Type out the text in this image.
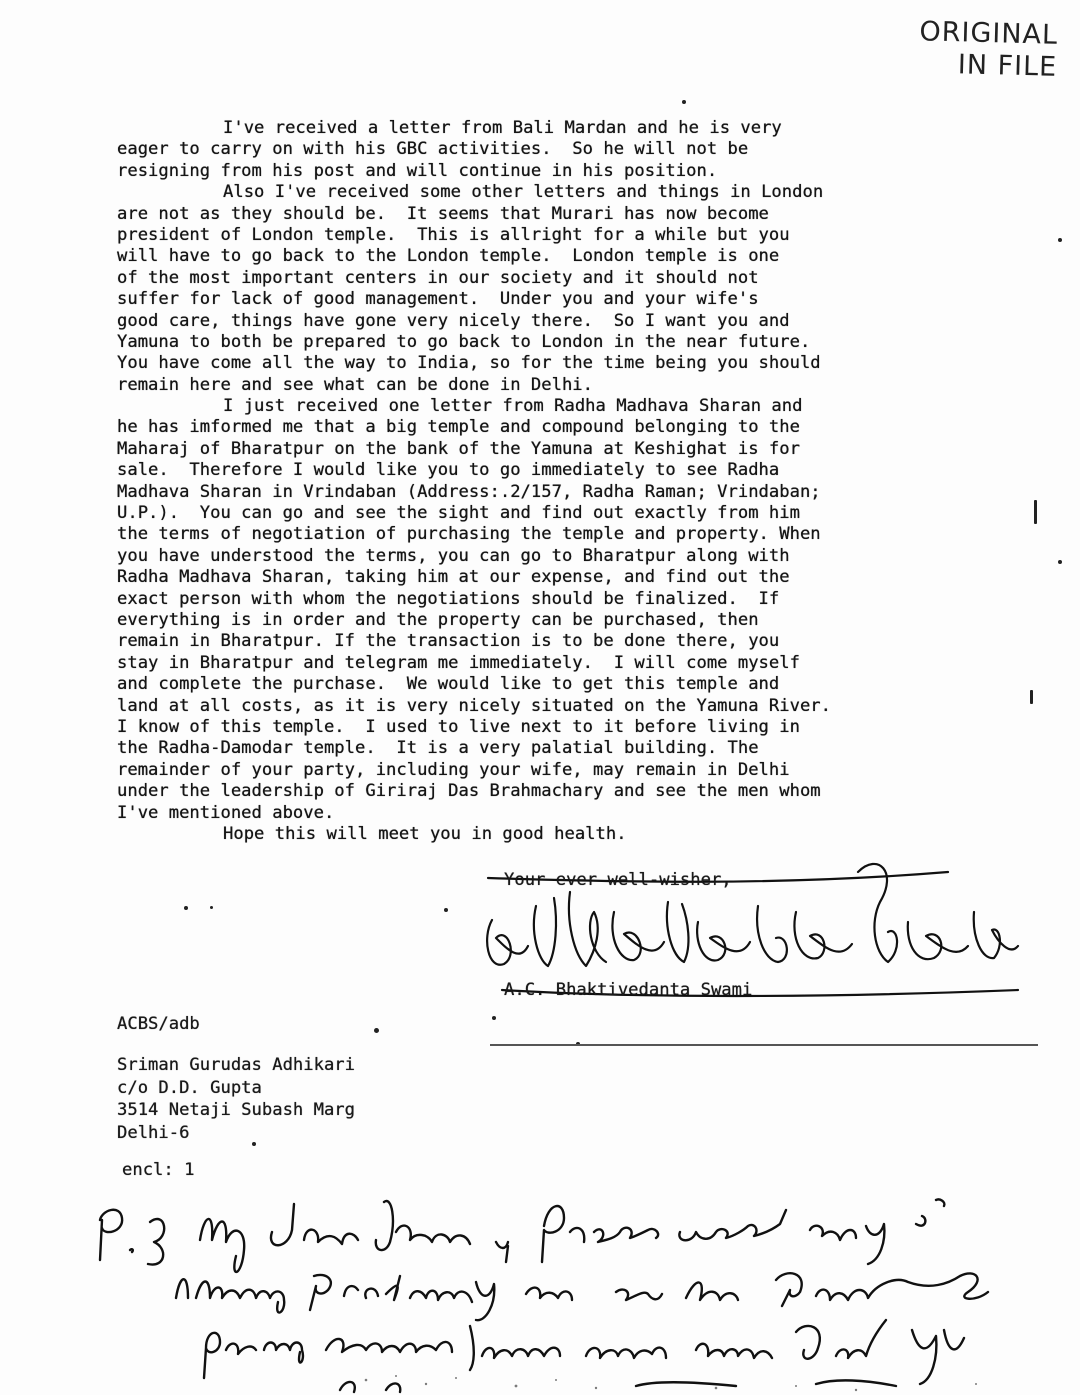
ORIGINAL
IN FILE
I've received a letter from Bali Mardan and he is very
eager to carry on with his GBC activities.  So he will not be
resigning from his post and will continue in his position.
Also I've received some other letters and things in London
are not as they should be.  It seems that Murari has now become
president of London temple.  This is allright for a while but you
will have to go back to the London temple.  London temple is one
of the most important centers in our society and it should not
suffer for lack of good management.  Under you and your wife's
good care, things have gone very nicely there.  So I want you and
Yamuna to both be prepared to go back to London in the near future.
You have come all the way to India, so for the time being you should
remain here and see what can be done in Delhi.
I just received one letter from Radha Madhava Sharan and
he has imformed me that a big temple and compound belonging to the
Maharaj of Bharatpur on the bank of the Yamuna at Keshighat is for
sale.  Therefore I would like you to go immediately to see Radha
Madhava Sharan in Vrindaban (Address:.2/157, Radha Raman; Vrindaban;
U.P.).  You can go and see the sight and find out exactly from him
the terms of negotiation of purchasing the temple and property. When
you have understood the terms, you can go to Bharatpur along with
Radha Madhava Sharan, taking him at our expense, and find out the
exact person with whom the negotiations should be finalized.  If
everything is in order and the property can be purchased, then
remain in Bharatpur. If the transaction is to be done there, you
stay in Bharatpur and telegram me immediately.  I will come myself
and complete the purchase.  We would like to get this temple and
land at all costs, as it is very nicely situated on the Yamuna River.
I know of this temple.  I used to live next to it before living in
the Radha-Damodar temple.  It is a very palatial building. The
remainder of your party, including your wife, may remain in Delhi
under the leadership of Giriraj Das Brahmachary and see the men whom
I've mentioned above.
Hope this will meet you in good health.
Your ever well-wisher,
A.C. Bhaktivedanta Swami
ACBS/adb
Sriman Gurudas Adhikari
c/o D.D. Gupta
3514 Netaji Subash Marg
Delhi-6
encl: 1
